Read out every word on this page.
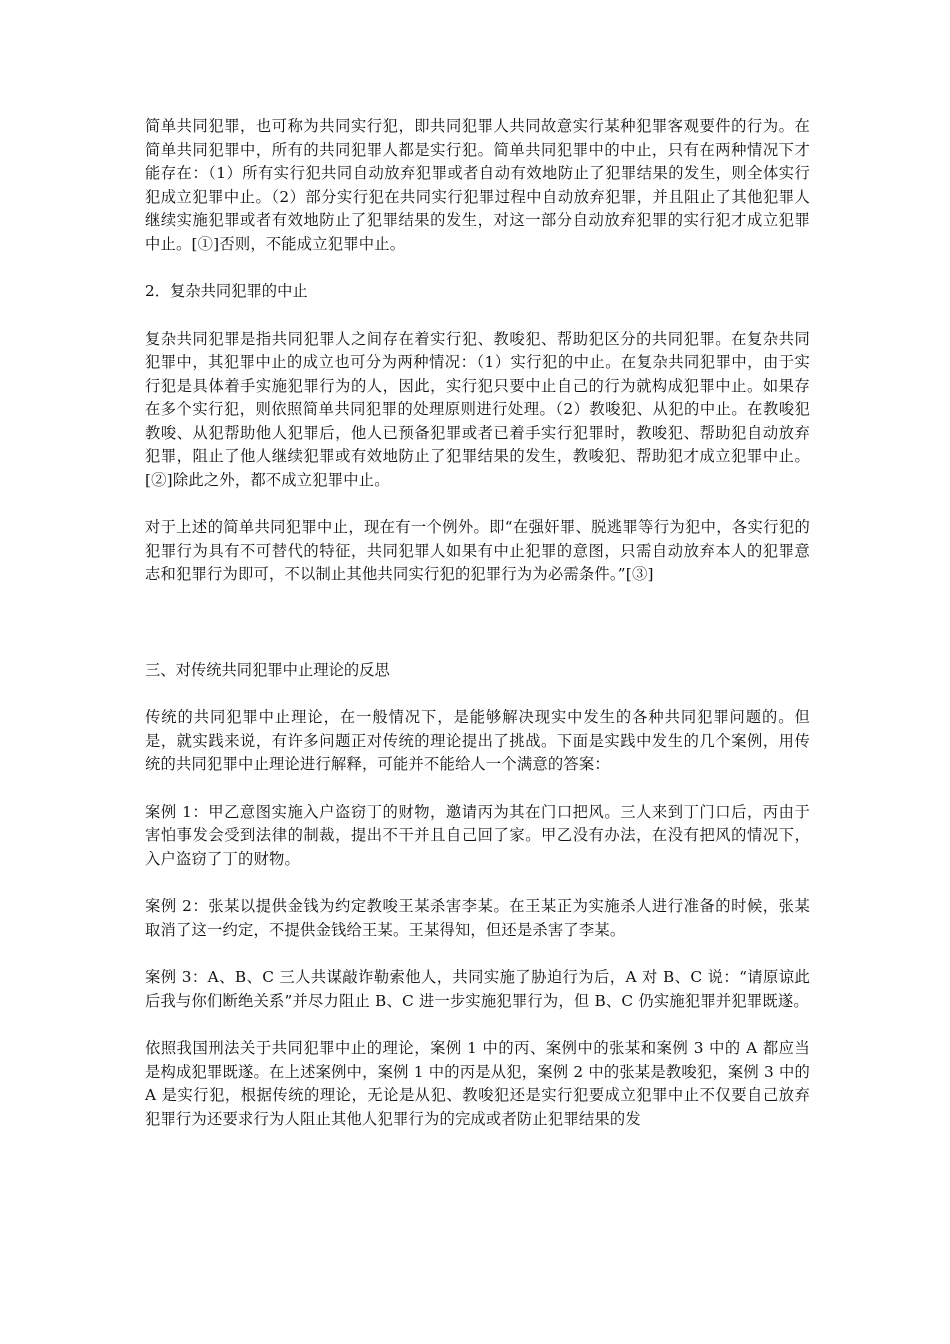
简单共同犯罪，也可称为共同实行犯，即共同犯罪人共同故意实行某种犯罪客观要件的行为。在简单共同犯罪中，所有的共同犯罪人都是实行犯。简单共同犯罪中的中止，只有在两种情况下才能存在：（1）所有实行犯共同自动放弃犯罪或者自动有效地防止了犯罪结果的发生，则全体实行犯成立犯罪中止。（2）部分实行犯在共同实行犯罪过程中自动放弃犯罪，并且阻止了其他犯罪人继续实施犯罪或者有效地防止了犯罪结果的发生，对这一部分自动放弃犯罪的实行犯才成立犯罪中止。[①]否则，不能成立犯罪中止。

2．复杂共同犯罪的中止

复杂共同犯罪是指共同犯罪人之间存在着实行犯、教唆犯、帮助犯区分的共同犯罪。在复杂共同犯罪中，其犯罪中止的成立也可分为两种情况：（1）实行犯的中止。在复杂共同犯罪中，由于实行犯是具体着手实施犯罪行为的人，因此，实行犯只要中止自己的行为就构成犯罪中止。如果存在多个实行犯，则依照简单共同犯罪的处理原则进行处理。（2）教唆犯、从犯的中止。在教唆犯教唆、从犯帮助他人犯罪后，他人已预备犯罪或者已着手实行犯罪时，教唆犯、帮助犯自动放弃犯罪，阻止了他人继续犯罪或有效地防止了犯罪结果的发生，教唆犯、帮助犯才成立犯罪中止。[②]除此之外，都不成立犯罪中止。

对于上述的简单共同犯罪中止，现在有一个例外。即“在强奸罪、脱逃罪等行为犯中，各实行犯的犯罪行为具有不可替代的特征，共同犯罪人如果有中止犯罪的意图，只需自动放弃本人的犯罪意志和犯罪行为即可，不以制止其他共同实行犯的犯罪行为为必需条件。”[③]

三、对传统共同犯罪中止理论的反思

传统的共同犯罪中止理论，在一般情况下，是能够解决现实中发生的各种共同犯罪问题的。但是，就实践来说，有许多问题正对传统的理论提出了挑战。下面是实践中发生的几个案例，用传统的共同犯罪中止理论进行解释，可能并不能给人一个满意的答案：

案例 1：甲乙意图实施入户盗窃丁的财物，邀请丙为其在门口把风。三人来到丁门口后，丙由于害怕事发会受到法律的制裁，提出不干并且自己回了家。甲乙没有办法，在没有把风的情况下，入户盗窃了丁的财物。

案例 2：张某以提供金钱为约定教唆王某杀害李某。在王某正为实施杀人进行准备的时候，张某取消了这一约定，不提供金钱给王某。王某得知，但还是杀害了李某。

案例 3：A、B、C 三人共谋敲诈勒索他人，共同实施了胁迫行为后，A 对 B、C 说：“请原谅此后我与你们断绝关系”并尽力阻止 B、C 进一步实施犯罪行为，但 B、C 仍实施犯罪并犯罪既遂。

依照我国刑法关于共同犯罪中止的理论，案例 1 中的丙、案例中的张某和案例 3 中的 A 都应当是构成犯罪既遂。在上述案例中，案例 1 中的丙是从犯，案例 2 中的张某是教唆犯，案例 3 中的 A 是实行犯，根据传统的理论，无论是从犯、教唆犯还是实行犯要成立犯罪中止不仅要自己放弃犯罪行为还要求行为人阻止其他人犯罪行为的完成或者防止犯罪结果的发
